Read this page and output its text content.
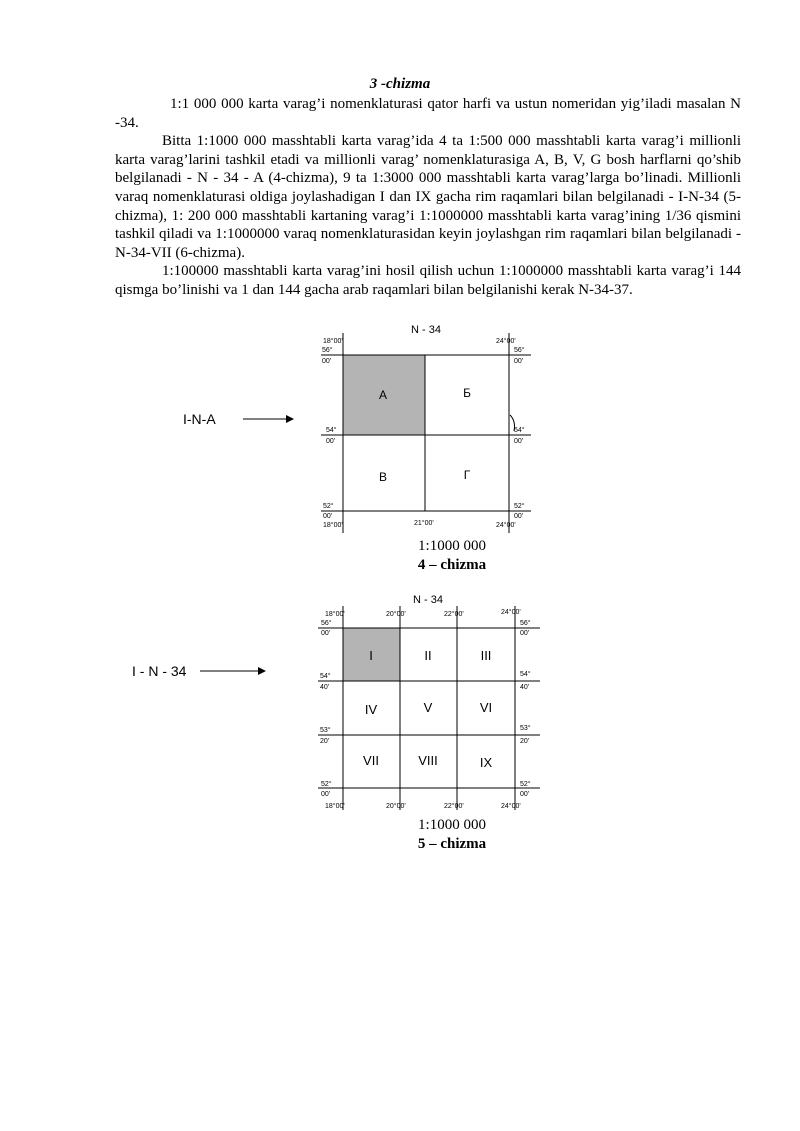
3 -chizma

1:1 000 000 karta varag’i nomenklaturasi qator harfi va ustun nomeridan yig’iladi masalan N -34.

Bitta 1:1000 000 masshtabli karta varag’ida 4 ta 1:500 000 masshtabli karta varag’i millionli karta varag’larini tashkil etadi va millionli varag’ nomenklaturasiga A, B, V, G bosh harflarni qo’shib belgilanadi - N - 34 - A (4-chizma), 9 ta 1:3000 000 masshtabli karta varag’larga bo’linadi. Millionli varaq nomenklaturasi oldiga joylashadigan I dan IX gacha rim raqamlari bilan belgilanadi - I-N-34 (5-chizma), 1: 200 000 masshtabli kartaning varag’i 1:1000000 masshtabli karta varag’ining 1/36 qismini tashkil qiladi va 1:1000000 varaq nomenklaturasidan keyin joylashgan rim raqamlari bilan belgilanadi - N-34-VII (6-chizma).

1:100000 masshtabli karta varag’ini hosil qilish uchun 1:1000000 masshtabli karta varag’i 144 qismga bo’linishi va 1 dan 144 gacha arab raqamlari bilan belgilanishi kerak N-34-37.

N - 34
I-N-A
А	Б
В	Г
18°00'	24°00'
18°00'	21°00'	24°00'
56°
00'
56°
00'
54°
00'
54°
00'
52°
00'
52°
00'
1:1000 000
4 – chizma
N - 34
I - N - 34
I	II	III
IV	V	VI
VII	VIII	IX
18°00'	20°00'	22°00'	24°00'
18°00'	20°00'	22°00'	24°00'
56°
00'
54°
40'
53°
20'
52°
00'
56°
00'
54°
40'
53°
20'
52°
00'
1:1000 000
5 – chizma
